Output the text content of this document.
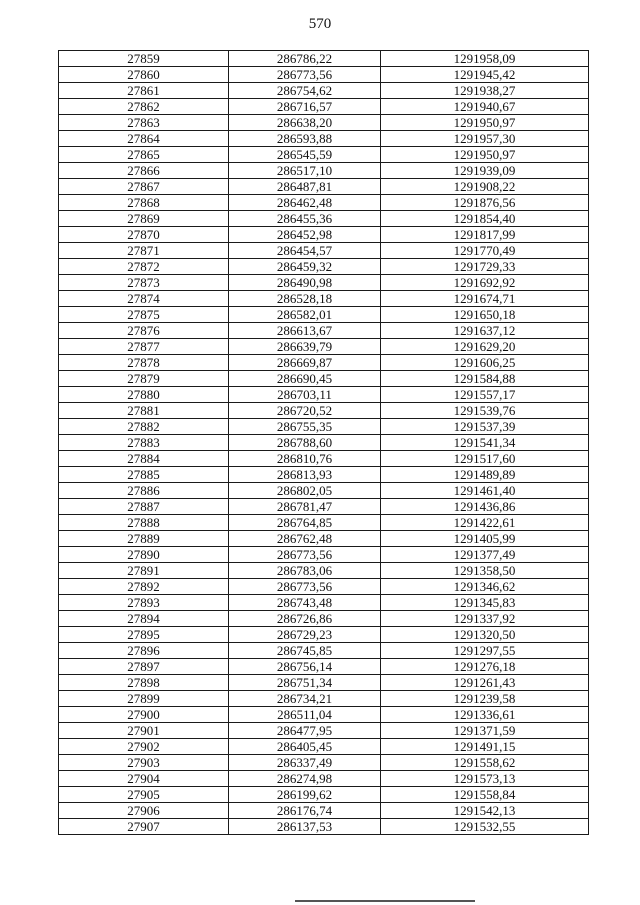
570
27859	286786,22	1291958,09
27860	286773,56	1291945,42
27861	286754,62	1291938,27
27862	286716,57	1291940,67
27863	286638,20	1291950,97
27864	286593,88	1291957,30
27865	286545,59	1291950,97
27866	286517,10	1291939,09
27867	286487,81	1291908,22
27868	286462,48	1291876,56
27869	286455,36	1291854,40
27870	286452,98	1291817,99
27871	286454,57	1291770,49
27872	286459,32	1291729,33
27873	286490,98	1291692,92
27874	286528,18	1291674,71
27875	286582,01	1291650,18
27876	286613,67	1291637,12
27877	286639,79	1291629,20
27878	286669,87	1291606,25
27879	286690,45	1291584,88
27880	286703,11	1291557,17
27881	286720,52	1291539,76
27882	286755,35	1291537,39
27883	286788,60	1291541,34
27884	286810,76	1291517,60
27885	286813,93	1291489,89
27886	286802,05	1291461,40
27887	286781,47	1291436,86
27888	286764,85	1291422,61
27889	286762,48	1291405,99
27890	286773,56	1291377,49
27891	286783,06	1291358,50
27892	286773,56	1291346,62
27893	286743,48	1291345,83
27894	286726,86	1291337,92
27895	286729,23	1291320,50
27896	286745,85	1291297,55
27897	286756,14	1291276,18
27898	286751,34	1291261,43
27899	286734,21	1291239,58
27900	286511,04	1291336,61
27901	286477,95	1291371,59
27902	286405,45	1291491,15
27903	286337,49	1291558,62
27904	286274,98	1291573,13
27905	286199,62	1291558,84
27906	286176,74	1291542,13
27907	286137,53	1291532,55
